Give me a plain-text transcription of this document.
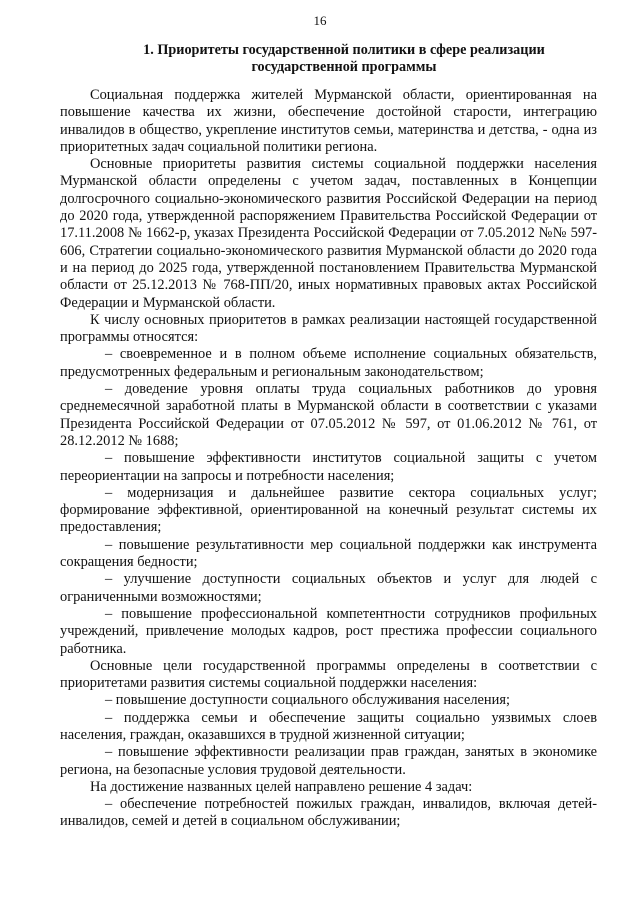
16
1. Приоритеты государственной политики в сфере реализации государственной программы

Социальная поддержка жителей Мурманской области, ориентированная на повышение качества их жизни, обеспечение достойной старости, интеграцию инвалидов в общество, укрепление институтов семьи, материнства и детства, - одна из приоритетных задач социальной политики региона.

Основные приоритеты развития системы социальной поддержки населения Мурманской области определены с учетом задач, поставленных в Концепции долгосрочного социально-экономического развития Российской Федерации на период до 2020 года, утвержденной распоряжением Правительства Российской Федерации от 17.11.2008 № 1662-р, указах Президента Российской Федерации от 7.05.2012 №№ 597-606, Стратегии социально-экономического развития Мурманской области до 2020 года и на период до 2025 года, утвержденной постановлением Правительства Мурманской области от 25.12.2013 № 768-ПП/20, иных нормативных правовых актах Российской Федерации и Мурманской области.

К числу основных приоритетов в рамках реализации настоящей государственной программы относятся:

– своевременное и в полном объеме исполнение социальных обязательств, предусмотренных федеральным и региональным законодательством;

– доведение уровня оплаты труда социальных работников до уровня среднемесячной заработной платы в Мурманской области в соответствии с указами Президента Российской Федерации от 07.05.2012 № 597, от 01.06.2012 № 761, от 28.12.2012 № 1688;

– повышение эффективности институтов социальной защиты с учетом переориентации на запросы и потребности населения;

– модернизация и дальнейшее развитие сектора социальных услуг; формирование эффективной, ориентированной на конечный результат системы их предоставления;

– повышение результативности мер социальной поддержки как инструмента сокращения бедности;

– улучшение доступности социальных объектов и услуг для людей с ограниченными возможностями;

– повышение профессиональной компетентности сотрудников профильных учреждений, привлечение молодых кадров, рост престижа профессии социального работника.

Основные цели государственной программы определены в соответствии с приоритетами развития системы социальной поддержки населения:

– повышение доступности социального обслуживания населения;

– поддержка семьи и обеспечение защиты социально уязвимых слоев населения, граждан, оказавшихся в трудной жизненной ситуации;

– повышение эффективности реализации прав граждан, занятых в экономике региона, на безопасные условия трудовой деятельности.

На достижение названных целей направлено решение 4 задач:

– обеспечение потребностей пожилых граждан, инвалидов, включая детей-инвалидов, семей и детей в социальном обслуживании;
